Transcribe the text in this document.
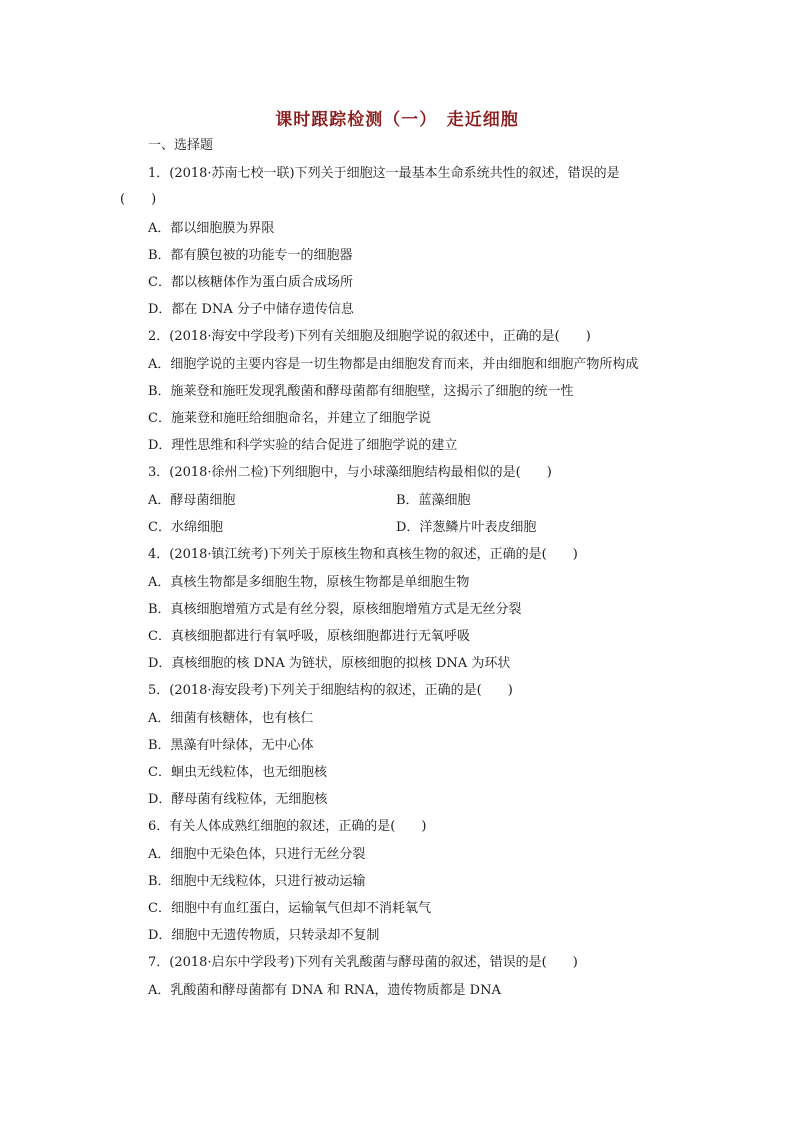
课时跟踪检测（一）　走近细胞
一、选择题
1．(2018·苏南七校一联)下列关于细胞这一最基本生命系统共性的叙述，错误的是
(　　)
A．都以细胞膜为界限
B．都有膜包被的功能专一的细胞器
C．都以核糖体作为蛋白质合成场所
D．都在 DNA 分子中储存遗传信息
2．(2018·海安中学段考)下列有关细胞及细胞学说的叙述中，正确的是(　　)
A．细胞学说的主要内容是一切生物都是由细胞发育而来，并由细胞和细胞产物所构成
B．施莱登和施旺发现乳酸菌和酵母菌都有细胞壁，这揭示了细胞的统一性
C．施莱登和施旺给细胞命名，并建立了细胞学说
D．理性思维和科学实验的结合促进了细胞学说的建立
3．(2018·徐州二检)下列细胞中，与小球藻细胞结构最相似的是(　　)
A．酵母菌细胞	B．蓝藻细胞
C．水绵细胞	D．洋葱鳞片叶表皮细胞
4．(2018·镇江统考)下列关于原核生物和真核生物的叙述，正确的是(　　)
A．真核生物都是多细胞生物，原核生物都是单细胞生物
B．真核细胞增殖方式是有丝分裂，原核细胞增殖方式是无丝分裂
C．真核细胞都进行有氧呼吸，原核细胞都进行无氧呼吸
D．真核细胞的核 DNA 为链状，原核细胞的拟核 DNA 为环状
5．(2018·海安段考)下列关于细胞结构的叙述，正确的是(　　)
A．细菌有核糖体，也有核仁
B．黑藻有叶绿体，无中心体
C．蛔虫无线粒体，也无细胞核
D．酵母菌有线粒体，无细胞核
6．有关人体成熟红细胞的叙述，正确的是(　　)
A．细胞中无染色体，只进行无丝分裂
B．细胞中无线粒体，只进行被动运输
C．细胞中有血红蛋白，运输氧气但却不消耗氧气
D．细胞中无遗传物质，只转录却不复制
7．(2018·启东中学段考)下列有关乳酸菌与酵母菌的叙述，错误的是(　　)
A．乳酸菌和酵母菌都有 DNA 和 RNA，遗传物质都是 DNA
